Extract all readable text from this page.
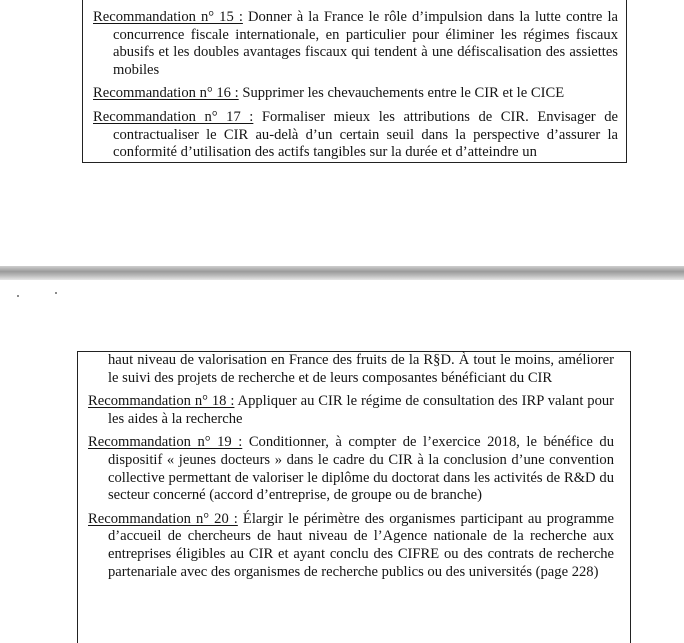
Recommandation n° 15 : Donner à la France le rôle d’impulsion dans la lutte contre la concurrence fiscale internationale, en particulier pour éliminer les régimes fiscaux abusifs et les doubles avantages fiscaux qui tendent à une défiscalisation des assiettes mobiles

Recommandation n° 16 : Supprimer les chevauchements entre le CIR et le CICE

Recommandation n° 17 : Formaliser mieux les attributions de CIR. Envisager de contractualiser le CIR au-delà d’un certain seuil dans la perspective d’assurer la conformité d’utilisation des actifs tangibles sur la durée et d’atteindre un

haut niveau de valorisation en France des fruits de la R§D. À tout le moins, améliorer le suivi des projets de recherche et de leurs composantes bénéficiant du CIR

Recommandation n° 18 : Appliquer au CIR le régime de consultation des IRP valant pour les aides à la recherche

Recommandation n° 19 : Conditionner, à compter de l’exercice 2018, le bénéfice du dispositif « jeunes docteurs » dans le cadre du CIR à la conclusion d’une convention collective permettant de valoriser le diplôme du doctorat dans les activités de R&D du secteur concerné (accord d’entreprise, de groupe ou de branche)

Recommandation n° 20 : Élargir le périmètre des organismes participant au programme d’accueil de chercheurs de haut niveau de l’Agence nationale de la recherche aux entreprises éligibles au CIR et ayant conclu des CIFRE ou des contrats de recherche partenariale avec des organismes de recherche publics ou des universités (page 228)
